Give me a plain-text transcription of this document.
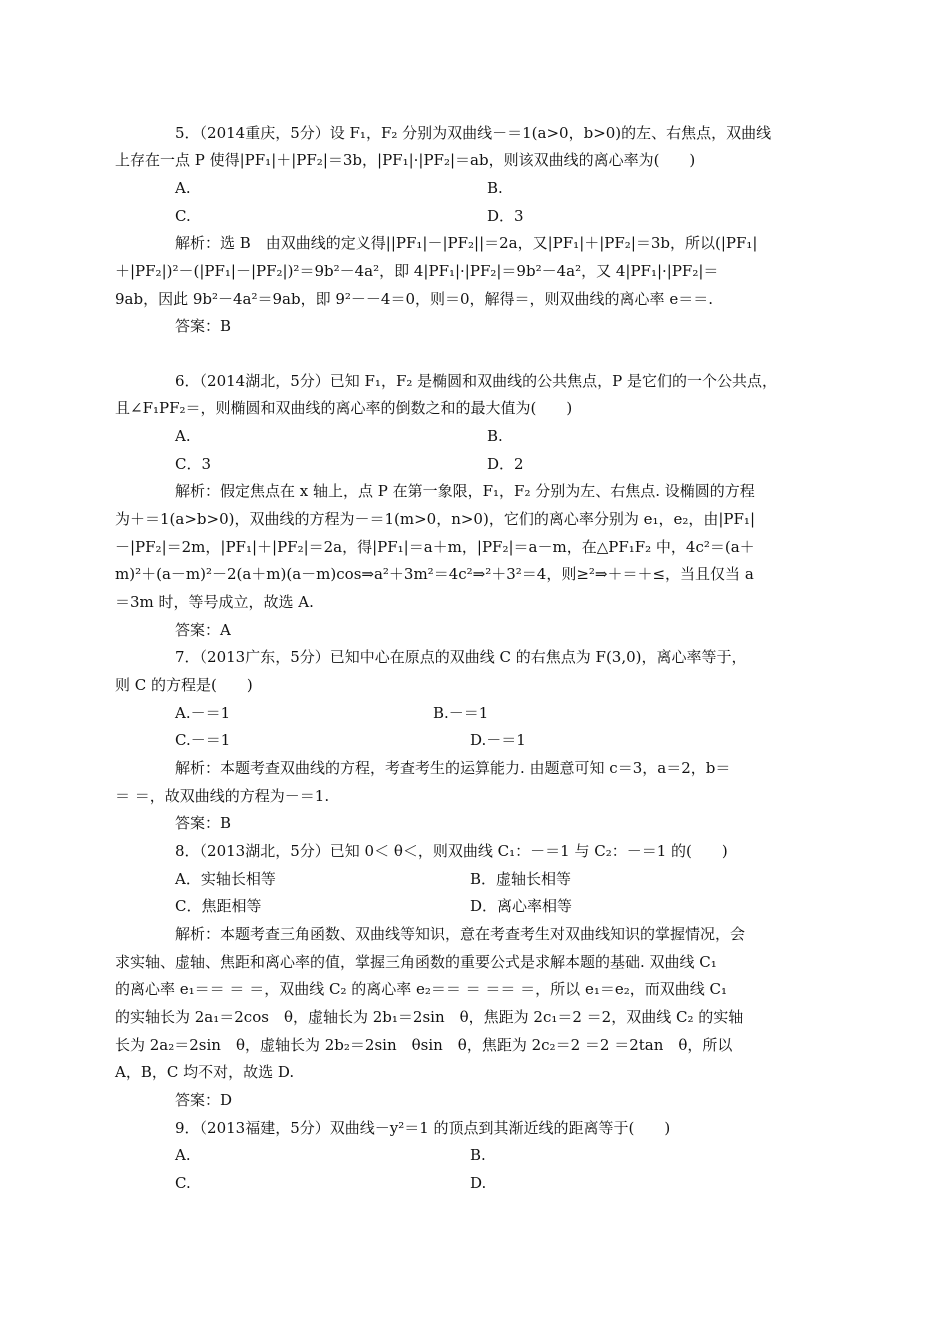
5．（2014重庆，5分）设 F₁，F₂ 分别为双曲线－＝1(a>0，b>0)的左、右焦点，双曲线
上存在一点 P 使得|PF₁|＋|PF₂|＝3b，|PF₁|·|PF₂|＝ab，则该双曲线的离心率为(　　)
A.	B.
C.	D．3
解析：选 B　由双曲线的定义得||PF₁|－|PF₂||＝2a，又|PF₁|＋|PF₂|＝3b，所以(|PF₁|
＋|PF₂|)²－(|PF₁|－|PF₂|)²＝9b²－4a²，即 4|PF₁|·|PF₂|＝9b²－4a²，又 4|PF₁|·|PF₂|＝
9ab，因此 9b²－4a²＝9ab，即 9²－－4＝0，则＝0，解得＝，则双曲线的离心率 e＝＝.
答案：B
6．（2014湖北，5分）已知 F₁，F₂ 是椭圆和双曲线的公共焦点，P 是它们的一个公共点，
且∠F₁PF₂＝，则椭圆和双曲线的离心率的倒数之和的最大值为(　　)
A.	B.
C．3	D．2
解析：假定焦点在 x 轴上，点 P 在第一象限，F₁，F₂ 分别为左、右焦点. 设椭圆的方程
为＋＝1(a>b>0)，双曲线的方程为－＝1(m>0，n>0)，它们的离心率分别为 e₁，e₂，由|PF₁|
－|PF₂|＝2m，|PF₁|＋|PF₂|＝2a，得|PF₁|＝a＋m，|PF₂|＝a－m，在△PF₁F₂ 中，4c²＝(a＋
m)²＋(a－m)²－2(a＋m)(a－m)cos⇒a²＋3m²＝4c²⇒²＋3²＝4，则≥²⇒＋＝＋≤，当且仅当 a
＝3m 时，等号成立，故选 A.
答案：A
7．（2013广东，5分）已知中心在原点的双曲线 C 的右焦点为 F(3,0)，离心率等于，
则 C 的方程是(　　)
A.－＝1	B.－＝1
C.－＝1	D.－＝1
解析：本题考查双曲线的方程，考查考生的运算能力. 由题意可知 c＝3，a＝2，b＝
＝ ＝，故双曲线的方程为－＝1.
答案：B
8．（2013湖北，5分）已知 0＜ θ＜，则双曲线 C₁：－＝1 与 C₂：－＝1 的(　　)
A．实轴长相等	B．虚轴长相等
C．焦距相等	D．离心率相等
解析：本题考查三角函数、双曲线等知识，意在考查考生对双曲线知识的掌握情况，会
求实轴、虚轴、焦距和离心率的值，掌握三角函数的重要公式是求解本题的基础. 双曲线 C₁
的离心率 e₁＝＝ ＝ ＝，双曲线 C₂ 的离心率 e₂＝＝ ＝ ＝＝ ＝，所以 e₁＝e₂，而双曲线 C₁
的实轴长为 2a₁＝2cos　θ，虚轴长为 2b₁＝2sin　θ，焦距为 2c₁＝2 ＝2，双曲线 C₂ 的实轴
长为 2a₂＝2sin　θ，虚轴长为 2b₂＝2sin　θsin　θ，焦距为 2c₂＝2 ＝2 ＝2tan　θ，所以
A，B，C 均不对，故选 D.
答案：D
9．（2013福建，5分）双曲线－y²＝1 的顶点到其渐近线的距离等于(　　)
A.	B.
C.	D.
